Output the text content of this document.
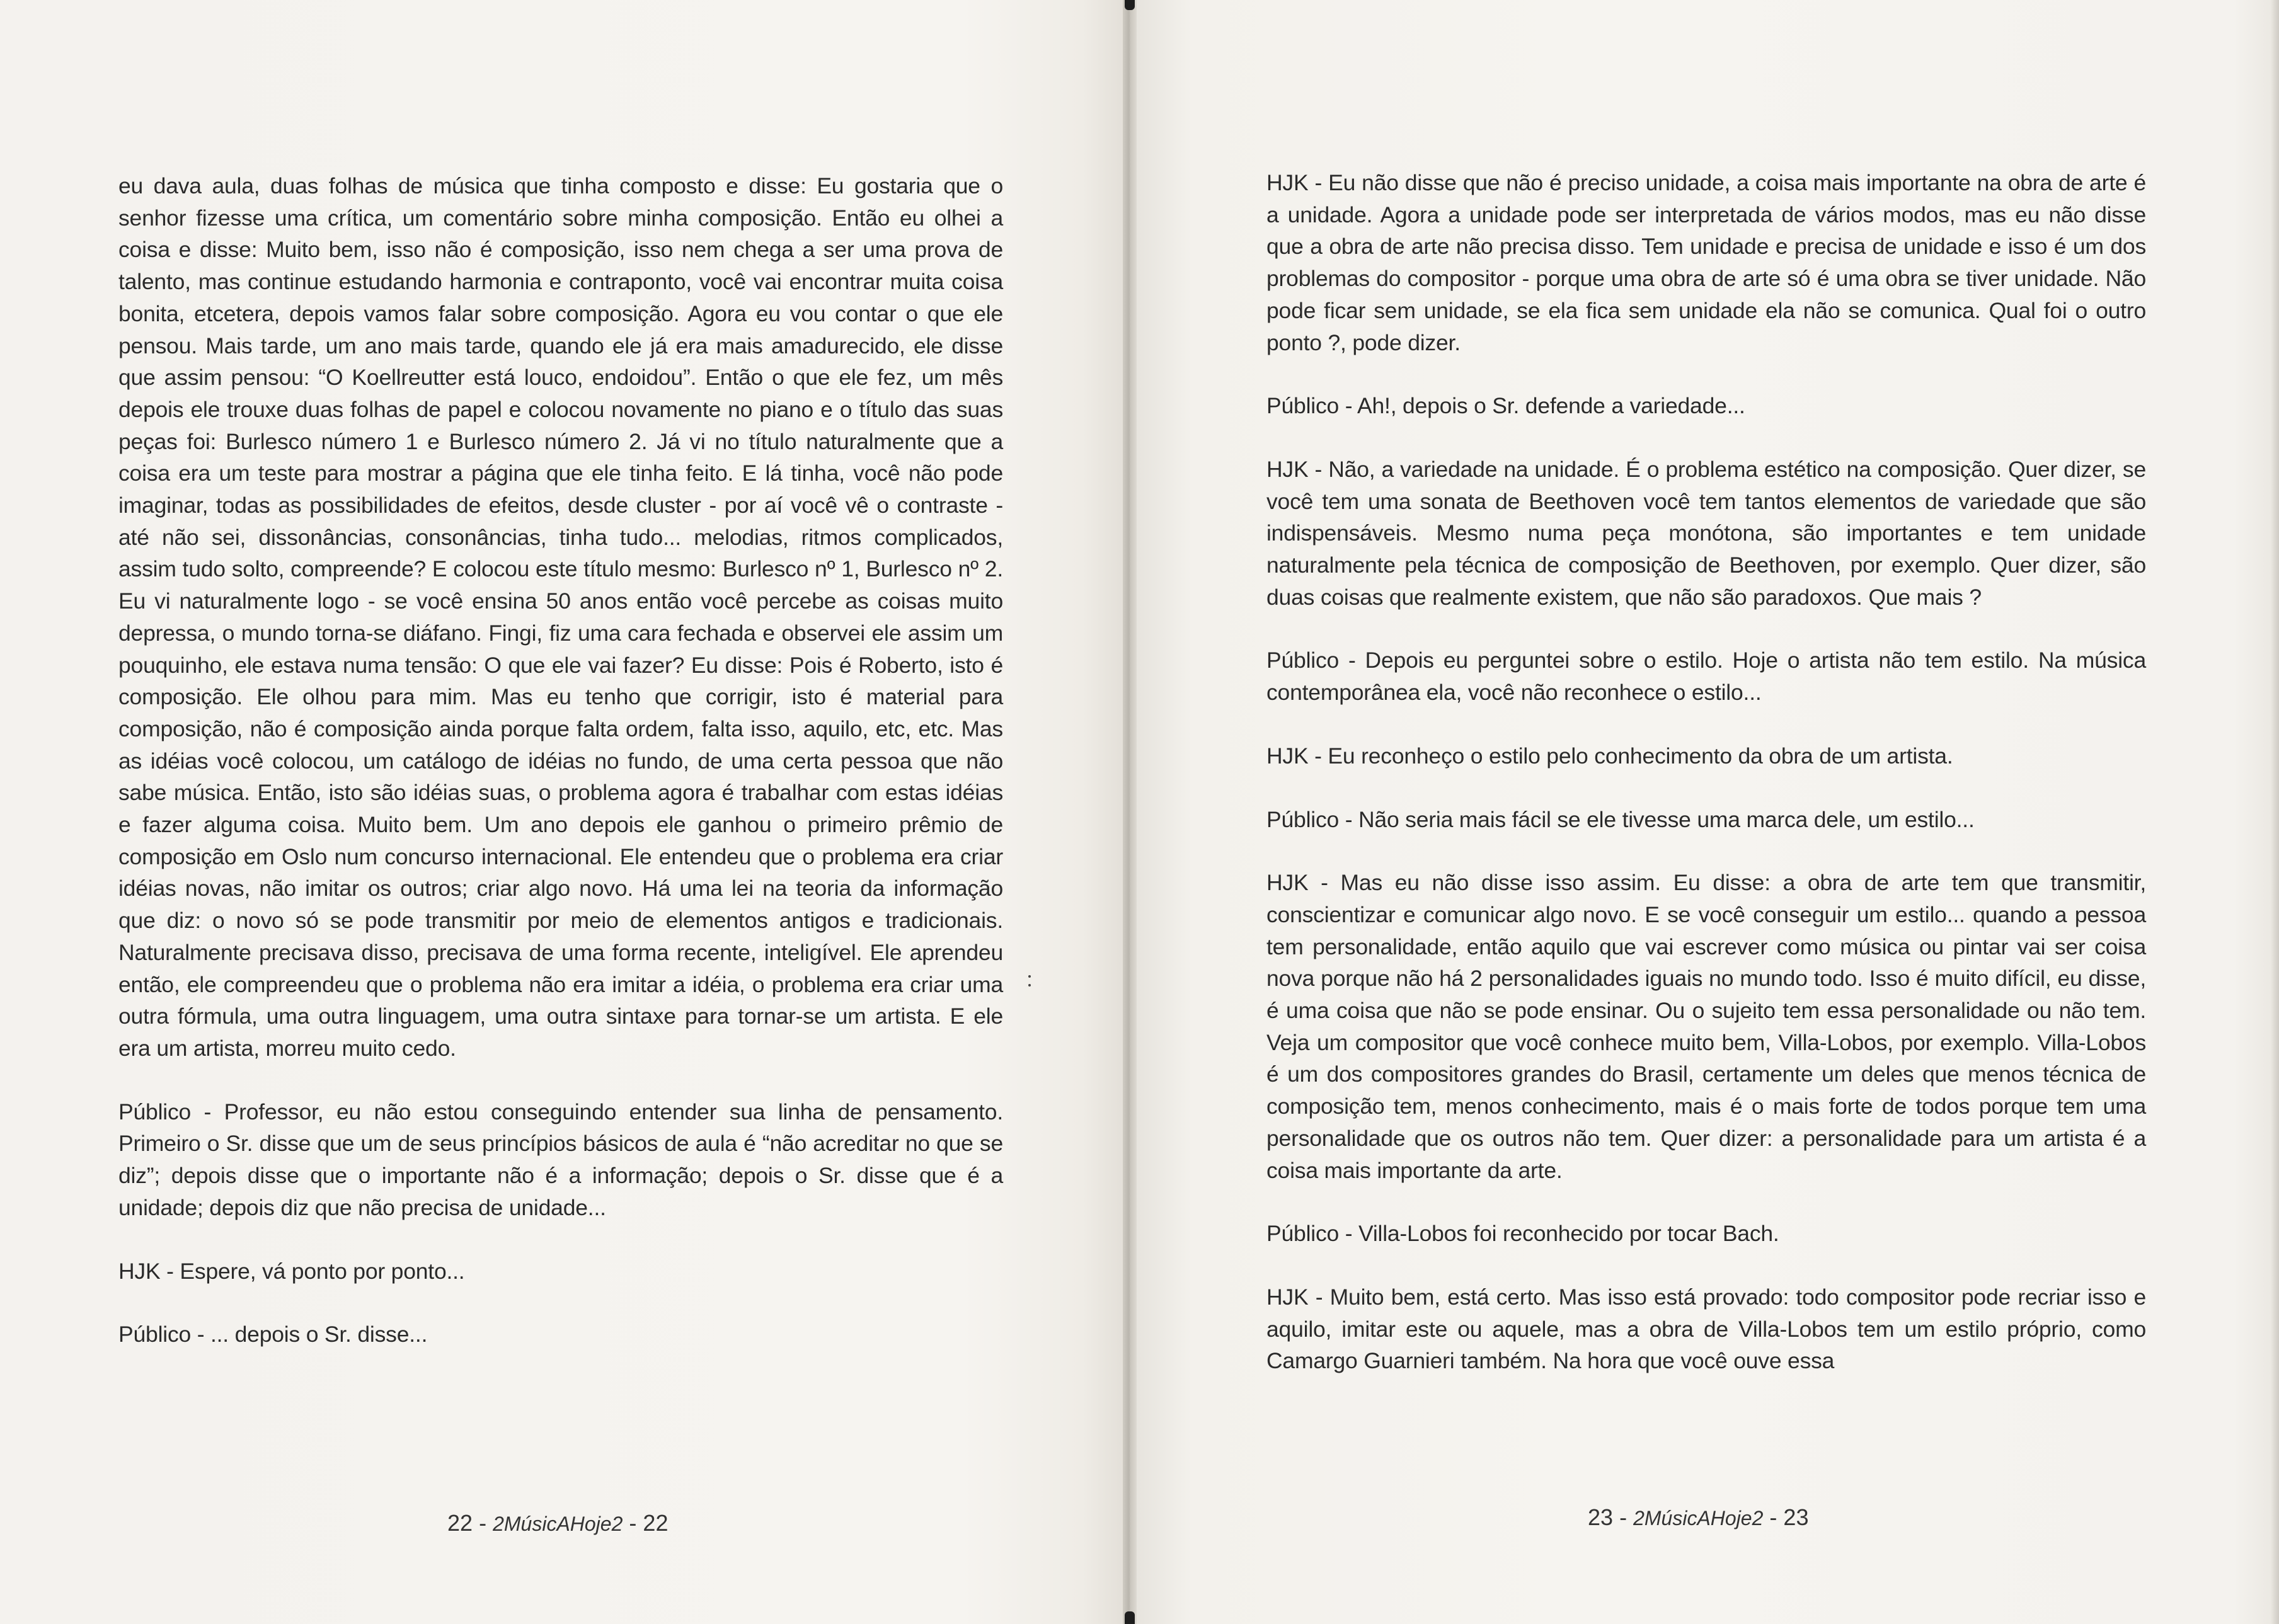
eu dava aula, duas folhas de música que tinha composto e disse: Eu gostaria que o senhor fizesse uma crítica, um comentário sobre minha composição. Então eu olhei a coisa e disse: Muito bem, isso não é composição, isso nem chega a ser uma prova de talento, mas continue estudando harmonia e contraponto, você vai encontrar muita coisa bonita, etcetera, depois vamos falar sobre composição. Agora eu vou contar o que ele pensou. Mais tarde, um ano mais tarde, quando ele já era mais amadurecido, ele disse que assim pensou: “O Koellreutter está louco, endoidou”. Então o que ele fez, um mês depois ele trouxe duas folhas de papel e colocou novamente no piano e o título das suas peças foi: Burlesco número 1 e Burlesco número 2. Já vi no título naturalmente que a coisa era um teste para mostrar a página que ele tinha feito. E lá tinha, você não pode imaginar, todas as possibilidades de efeitos, desde cluster - por aí você vê o contraste - até não sei, dissonâncias, consonâncias, tinha tudo... melodias, ritmos complicados, assim tudo solto, compreende? E colocou este título mesmo: Burlesco nº 1, Burlesco nº 2. Eu vi naturalmente logo - se você ensina 50 anos então você percebe as coisas muito depressa, o mundo torna-se diáfano. Fingi, fiz uma cara fechada e observei ele assim um pouquinho, ele estava numa tensão: O que ele vai fazer? Eu disse: Pois é Roberto, isto é composição. Ele olhou para mim. Mas eu tenho que corrigir, isto é material para composição, não é composição ainda porque falta ordem, falta isso, aquilo, etc, etc. Mas as idéias você colocou, um catálogo de idéias no fundo, de uma certa pessoa que não sabe música. Então, isto são idéias suas, o problema agora é trabalhar com estas idéias e fazer alguma coisa. Muito bem. Um ano depois ele ganhou o primeiro prêmio de composição em Oslo num concurso internacional. Ele entendeu que o problema era criar idéias novas, não imitar os outros; criar algo novo. Há uma lei na teoria da informação que diz: o novo só se pode transmitir por meio de elementos antigos e tradicionais. Naturalmente precisava disso, precisava de uma forma recente, inteligível. Ele aprendeu então, ele compreendeu que o problema não era imitar a idéia, o problema era criar uma outra fórmula, uma outra linguagem, uma outra sintaxe para tornar-se um artista. E ele era um artista, morreu muito cedo.

Público - Professor, eu não estou conseguindo entender sua linha de pensamento. Primeiro o Sr. disse que um de seus princípios básicos de aula é “não acreditar no que se diz”; depois disse que o importante não é a informação; depois o Sr. disse que é a unidade; depois diz que não precisa de unidade...

HJK - Espere, vá ponto por ponto...

Público - ... depois o Sr. disse...

22 - 2MúsicAHoje2 - 22

HJK - Eu não disse que não é preciso unidade, a coisa mais importante na obra de arte é a unidade. Agora a unidade pode ser interpretada de vários modos, mas eu não disse que a obra de arte não precisa disso. Tem unidade e precisa de unidade e isso é um dos problemas do compositor - porque uma obra de arte só é uma obra se tiver unidade. Não pode ficar sem unidade, se ela fica sem unidade ela não se comunica. Qual foi o outro ponto ?, pode dizer.

Público - Ah!, depois o Sr. defende a variedade...

HJK - Não, a variedade na unidade. É o problema estético na composição. Quer dizer, se você tem uma sonata de Beethoven você tem tantos elementos de variedade que são indispensáveis. Mesmo numa peça monótona, são importantes e tem unidade naturalmente pela técnica de composição de Beethoven, por exemplo. Quer dizer, são duas coisas que realmente existem, que não são paradoxos. Que mais ?

Público - Depois eu perguntei sobre o estilo. Hoje o artista não tem estilo. Na música contemporânea ela, você não reconhece o estilo...

HJK - Eu reconheço o estilo pelo conhecimento da obra de um artista.

Público - Não seria mais fácil se ele tivesse uma marca dele, um estilo...

HJK - Mas eu não disse isso assim. Eu disse: a obra de arte tem que transmitir, conscientizar e comunicar algo novo. E se você conseguir um estilo... quando a pessoa tem personalidade, então aquilo que vai escrever como música ou pintar vai ser coisa nova porque não há 2 personalidades iguais no mundo todo. Isso é muito difícil, eu disse, é uma coisa que não se pode ensinar. Ou o sujeito tem essa personalidade ou não tem. Veja um compositor que você conhece muito bem, Villa-Lobos, por exemplo. Villa-Lobos é um dos compositores grandes do Brasil, certamente um deles que menos técnica de composição tem, menos conhecimento, mais é o mais forte de todos porque tem uma personalidade que os outros não tem. Quer dizer: a personalidade para um artista é a coisa mais importante da arte.

Público - Villa-Lobos foi reconhecido por tocar Bach.

HJK - Muito bem, está certo. Mas isso está provado: todo compositor pode recriar isso e aquilo, imitar este ou aquele, mas a obra de Villa-Lobos tem um estilo próprio, como Camargo Guarnieri também. Na hora que você ouve essa

23 - 2MúsicAHoje2 - 23
